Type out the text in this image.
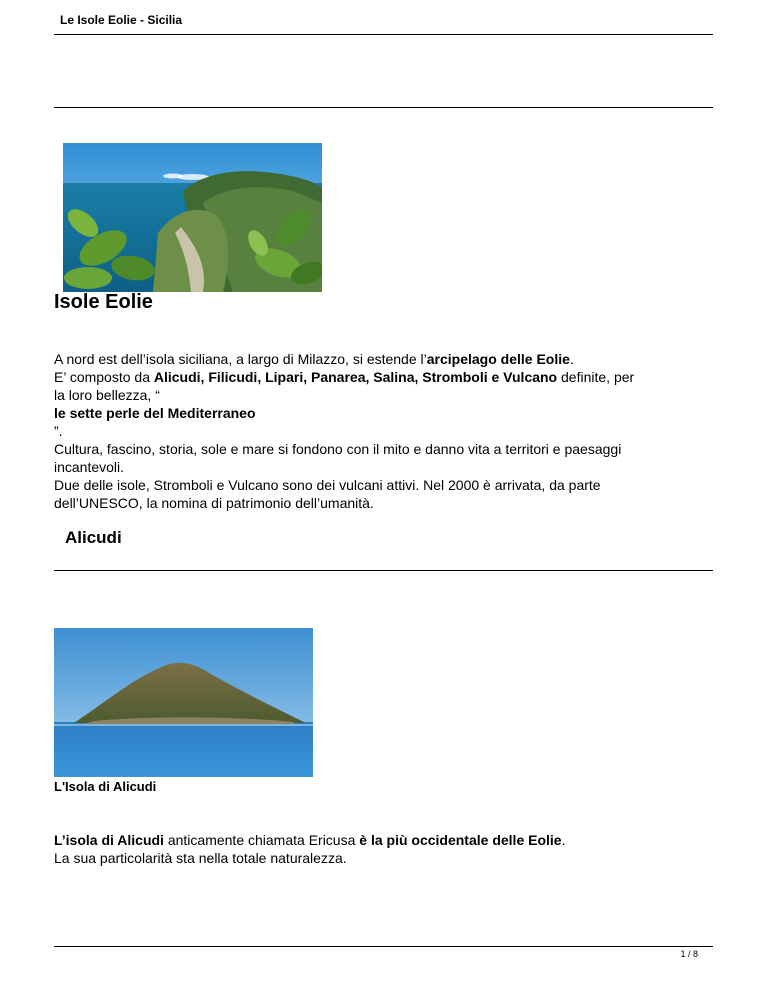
Le Isole Eolie - Sicilia
Isole Eolie
A nord est dell’isola siciliana, a largo di Milazzo, si estende l’arcipelago delle Eolie.
E’ composto da Alicudi, Filicudi, Lipari, Panarea, Salina, Stromboli e Vulcano definite, per
la loro bellezza, “
le sette perle del Mediterraneo
”.
Cultura, fascino, storia, sole e mare si fondono con il mito e danno vita a territori e paesaggi
incantevoli.
Due delle isole, Stromboli e Vulcano sono dei vulcani attivi. Nel 2000 è arrivata, da parte
dell’UNESCO, la nomina di patrimonio dell’umanità.
Alicudi
L'Isola di Alicudi
L’isola di Alicudi anticamente chiamata Ericusa è la più occidentale delle Eolie.
La sua particolarità sta nella totale naturalezza.
1 / 8
